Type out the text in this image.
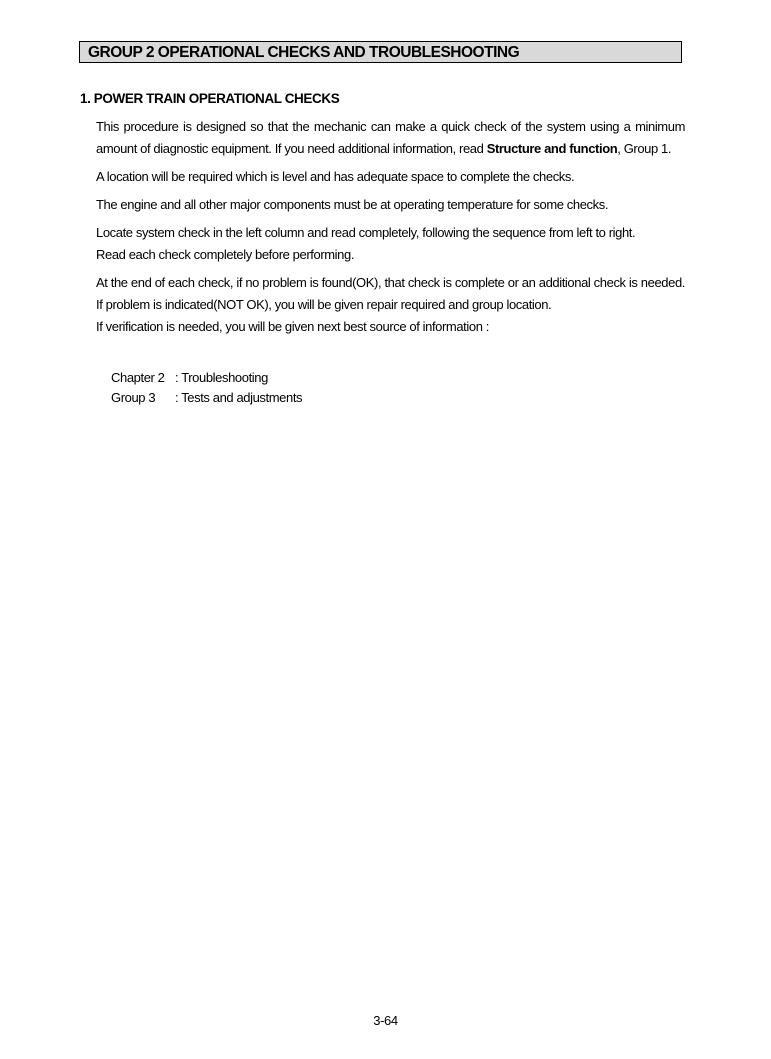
GROUP 2 OPERATIONAL CHECKS AND TROUBLESHOOTING
1. POWER TRAIN OPERATIONAL CHECKS

This procedure is designed so that the mechanic can make a quick check of the system using a minimum amount of diagnostic equipment. If you need additional information, read Structure and function, Group 1.

A location will be required which is level and has adequate space to complete the checks.

The engine and all other major components must be at operating temperature for some checks.

Locate system check in the left column and read completely, following the sequence from left to right.

Read each check completely before performing.

At the end of each check, if no problem is found(OK), that check is complete or an additional check is needed. If problem is indicated(NOT OK), you will be given repair required and group location.

If verification is needed, you will be given next best source of information :

Chapter 2 : Troubleshooting
Group 3	: Tests and adjustments
3-64
